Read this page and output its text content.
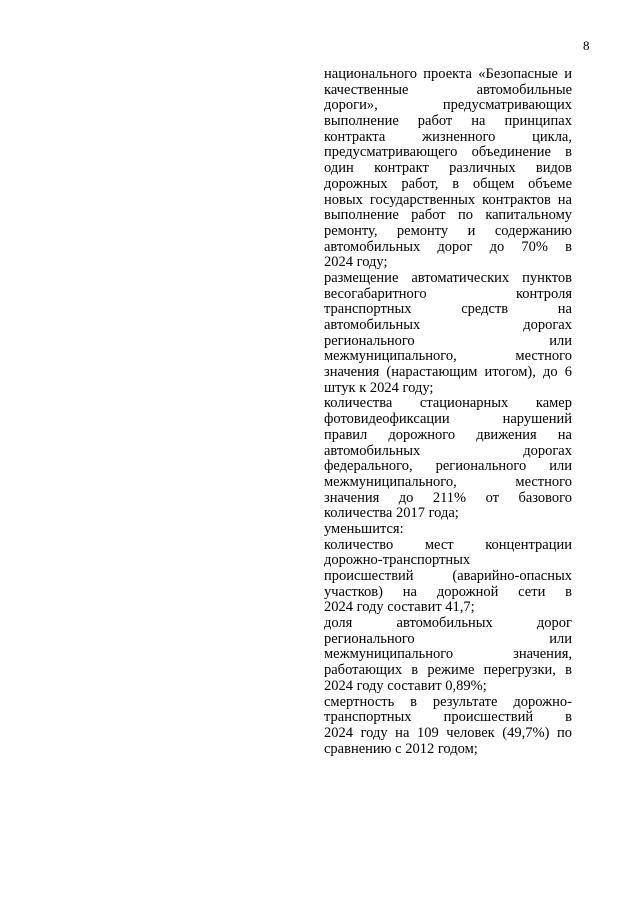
8
национального проекта «Безопасные и
качественные автомобильные
дороги», предусматривающих
выполнение работ на принципах
контракта жизненного цикла,
предусматривающего объединение в
один контракт различных видов
дорожных работ, в общем объеме
новых государственных контрактов на
выполнение работ по капитальному
ремонту, ремонту и содержанию
автомобильных дорог до 70% в
2024 году;
размещение автоматических пунктов
весогабаритного контроля
транспортных средств на
автомобильных дорогах
регионального или
межмуниципального, местного
значения (нарастающим итогом), до 6
штук к 2024 году;
количества стационарных камер
фотовидеофиксации нарушений
правил дорожного движения на
автомобильных дорогах
федерального, регионального или
межмуниципального, местного
значения до 211% от базового
количества 2017 года;
уменьшится:
количество мест концентрации
дорожно-транспортных
происшествий (аварийно-опасных
участков) на дорожной сети в
2024 году составит 41,7;
доля автомобильных дорог
регионального или
межмуниципального значения,
работающих в режиме перегрузки, в
2024 году составит 0,89%;
смертность в результате дорожно-
транспортных происшествий в
2024 году на 109 человек (49,7%) по
сравнению с 2012 годом;
